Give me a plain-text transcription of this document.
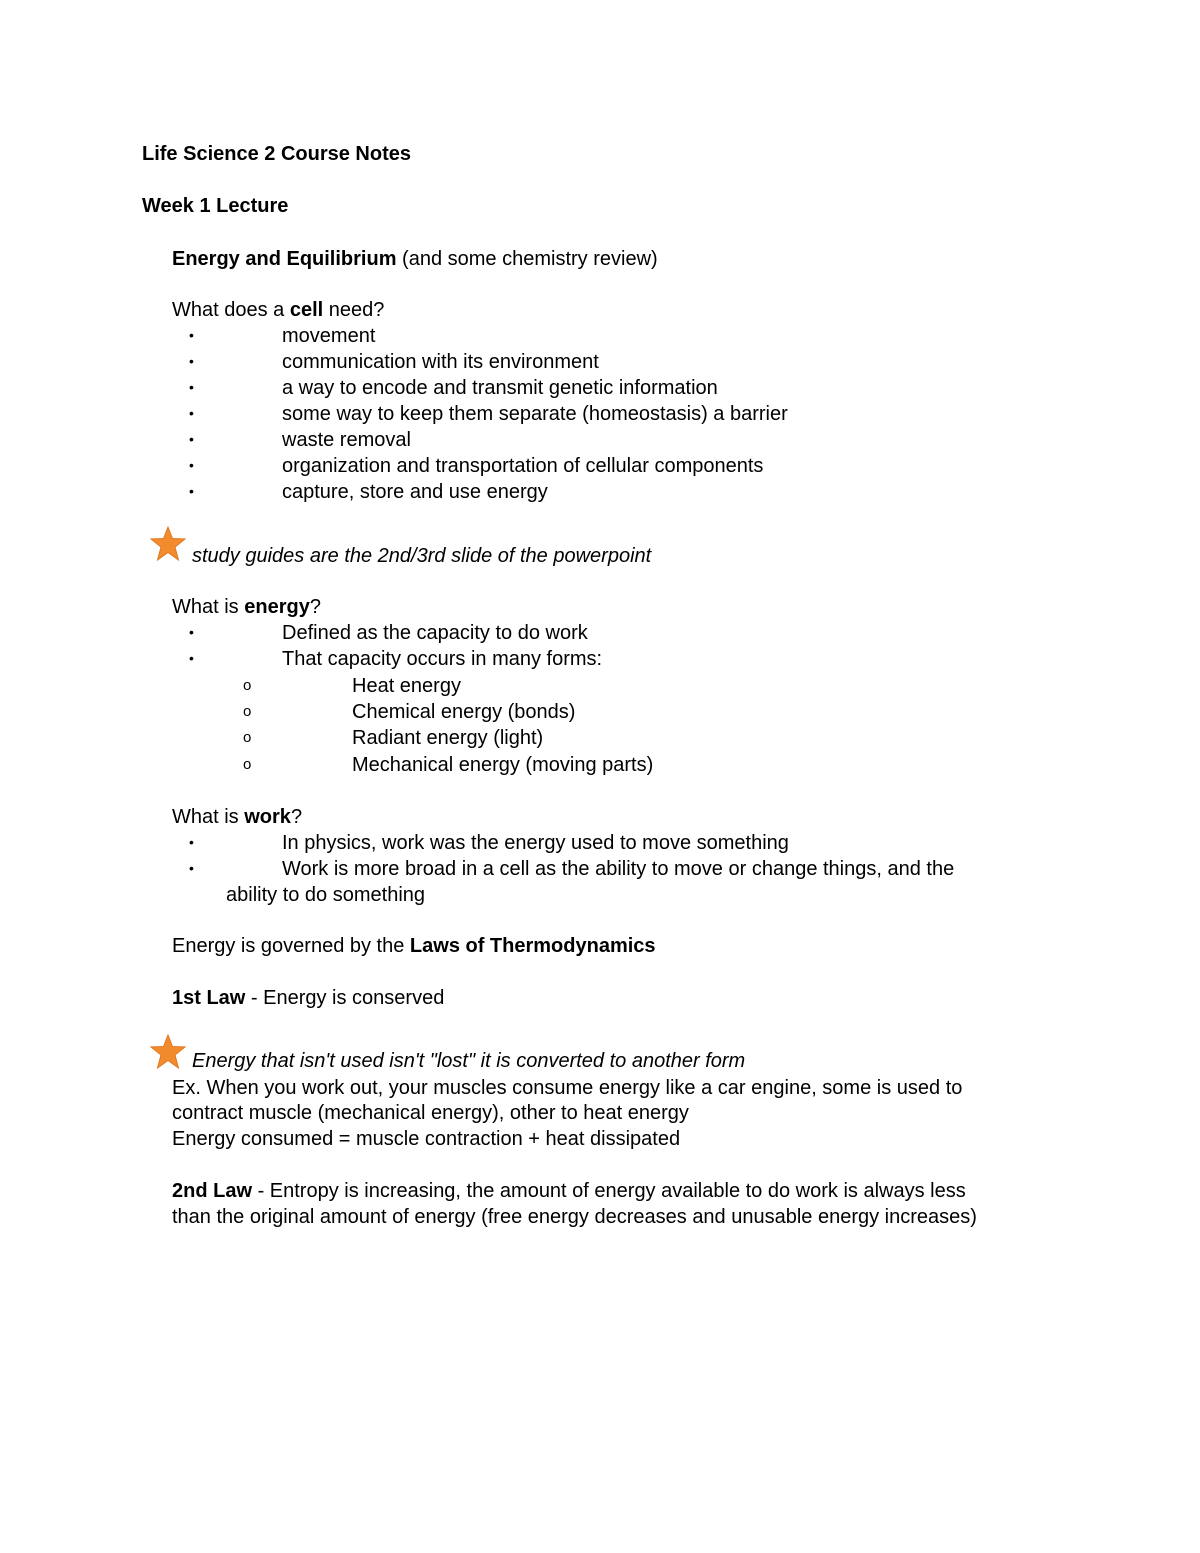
Life Science 2 Course Notes
Week 1 Lecture
Energy and Equilibrium (and some chemistry review)
What does a cell need?
•	movement
•	communication with its environment
•	a way to encode and transmit genetic information
•	some way to keep them separate (homeostasis) a barrier
•	waste removal
•	organization and transportation of cellular components
•	capture, store and use energy
study guides are the 2nd/3rd slide of the powerpoint
What is energy?
•	Defined as the capacity to do work
•	That capacity occurs in many forms:
o	Heat energy
o	Chemical energy (bonds)
o	Radiant energy (light)
o	Mechanical energy (moving parts)
What is work?
•	In physics, work was the energy used to move something
•	Work is more broad in a cell as the ability to move or change things, and the
ability to do something
Energy is governed by the Laws of Thermodynamics
1st Law - Energy is conserved
Energy that isn't used isn't "lost" it is converted to another form
Ex. When you work out, your muscles consume energy like a car engine, some is used to
contract muscle (mechanical energy), other to heat energy
Energy consumed = muscle contraction + heat dissipated
2nd Law - Entropy is increasing, the amount of energy available to do work is always less
than the original amount of energy (free energy decreases and unusable energy increases)
